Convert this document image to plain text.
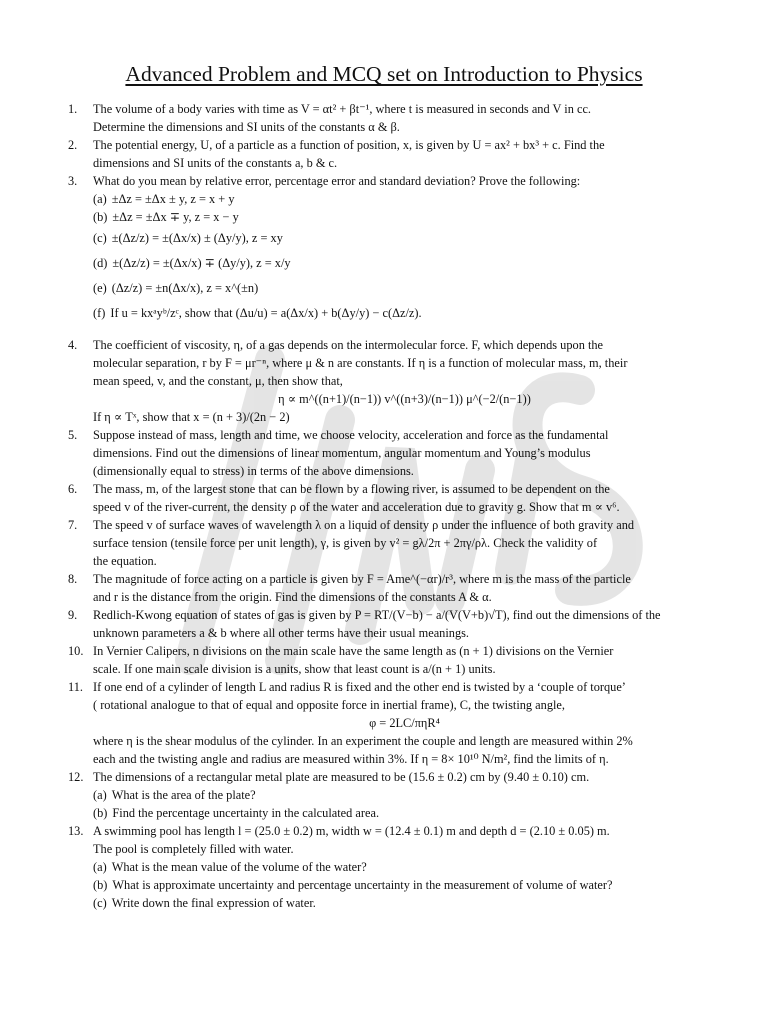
Advanced Problem and MCQ set on Introduction to Physics
1. The volume of a body varies with time as V = αt² + βt⁻¹, where t is measured in seconds and V in cc.
Determine the dimensions and SI units of the constants α & β.
2. The potential energy, U, of a particle as a function of position, x, is given by U = ax² + bx³ + c. Find the
dimensions and SI units of the constants a, b & c.
3. What do you mean by relative error, percentage error and standard deviation? Prove the following:
(a) ±Δz = ±Δx ± y, z = x + y
(b) ±Δz = ±Δx ∓ y, z = x − y
(c) ±(Δz/z) = ±(Δx/x) ± (Δy/y), z = xy
(d) ±(Δz/z) = ±(Δx/x) ∓ (Δy/y), z = x/y
(e) (Δz/z) = ±n(Δx/x), z = x^(±n)
(f) If u = kxᵃyᵇ/zᶜ, show that (Δu/u) = a(Δx/x) + b(Δy/y) − c(Δz/z).
4. The coefficient of viscosity, η, of a gas depends on the intermolecular force. F, which depends upon the
molecular separation, r by F = μr⁻ⁿ, where μ & n are constants. If η is a function of molecular mass, m, their
mean speed, v, and the constant, μ, then show that,
η ∝ m^((n+1)/(n−1)) v^((n+3)/(n−1)) μ^(−2/(n−1))
If η ∝ Tˣ, show that x = (n + 3)/(2n − 2)
5. Suppose instead of mass, length and time, we choose velocity, acceleration and force as the fundamental
dimensions. Find out the dimensions of linear momentum, angular momentum and Young’s modulus
(dimensionally equal to stress) in terms of the above dimensions.
6. The mass, m, of the largest stone that can be flown by a flowing river, is assumed to be dependent on the
speed v of the river-current, the density ρ of the water and acceleration due to gravity g. Show that m ∝ v⁶.
7. The speed v of surface waves of wavelength λ on a liquid of density ρ under the influence of both gravity and
surface tension (tensile force per unit length), γ, is given by v² = gλ/2π + 2πγ/ρλ. Check the validity of
the equation.
8. The magnitude of force acting on a particle is given by F = Ame^(−αr)/r³, where m is the mass of the particle
and r is the distance from the origin. Find the dimensions of the constants A & α.
9. Redlich-Kwong equation of states of gas is given by P = RT/(V−b) − a/(V(V+b)√T), find out the dimensions of the
unknown parameters a & b where all other terms have their usual meanings.
10. In Vernier Calipers, n divisions on the main scale have the same length as (n + 1) divisions on the Vernier
scale. If one main scale division is a units, show that least count is a/(n + 1) units.
11. If one end of a cylinder of length L and radius R is fixed and the other end is twisted by a ‘couple of torque’
( rotational analogue to that of equal and opposite force in inertial frame), C, the twisting angle,
φ = 2LC/πηR⁴
where η is the shear modulus of the cylinder. In an experiment the couple and length are measured within 2%
each and the twisting angle and radius are measured within 3%. If η = 8× 10¹⁰ N/m², find the limits of η.
12. The dimensions of a rectangular metal plate are measured to be (15.6 ± 0.2) cm by (9.40 ± 0.10) cm.
(a) What is the area of the plate?
(b) Find the percentage uncertainty in the calculated area.
13. A swimming pool has length l = (25.0 ± 0.2) m, width w = (12.4 ± 0.1) m and depth d = (2.10 ± 0.05) m.
The pool is completely filled with water.
(a) What is the mean value of the volume of the water?
(b) What is approximate uncertainty and percentage uncertainty in the measurement of volume of water?
(c) Write down the final expression of water.
